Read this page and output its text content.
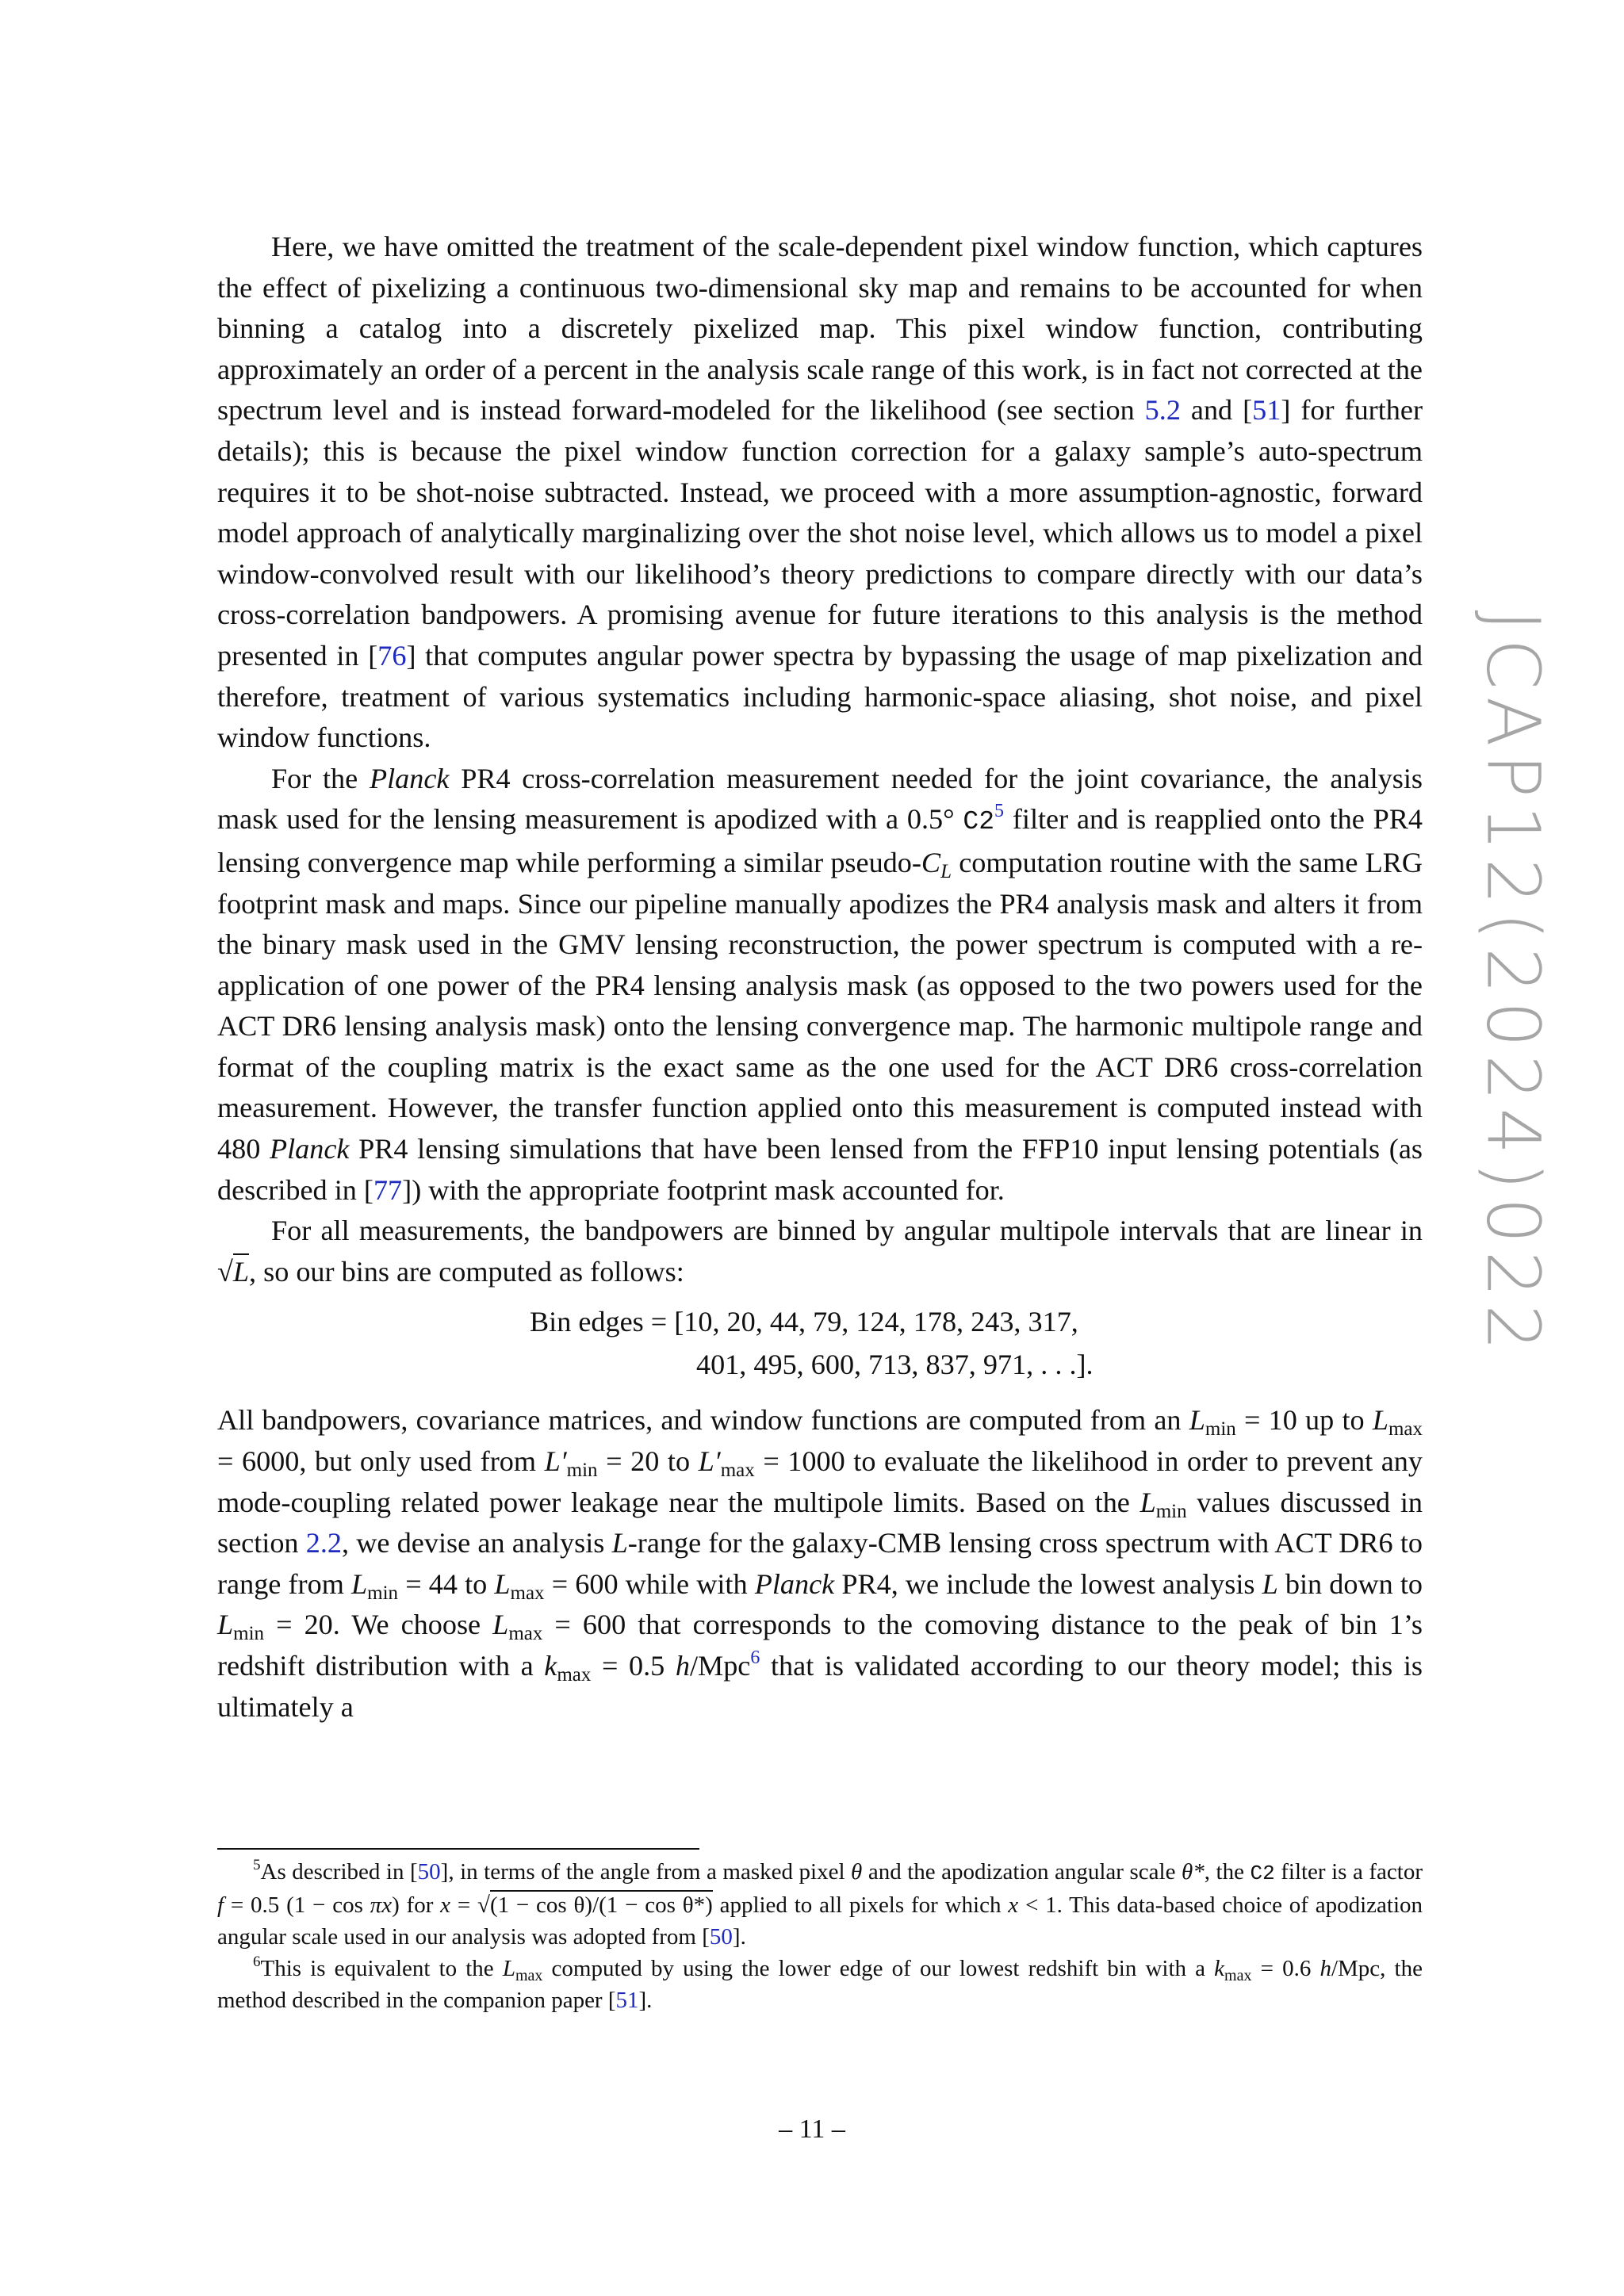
JCAP12(2024)022

Here, we have omitted the treatment of the scale-dependent pixel window function, which captures the effect of pixelizing a continuous two-dimensional sky map and remains to be accounted for when binning a catalog into a discretely pixelized map. This pixel window function, contributing approximately an order of a percent in the analysis scale range of this work, is in fact not corrected at the spectrum level and is instead forward-modeled for the likelihood (see section 5.2 and [51] for further details); this is because the pixel window function correction for a galaxy sample’s auto-spectrum requires it to be shot-noise subtracted. Instead, we proceed with a more assumption-agnostic, forward model approach of analytically marginalizing over the shot noise level, which allows us to model a pixel window-convolved result with our likelihood’s theory predictions to compare directly with our data’s cross-correlation bandpowers. A promising avenue for future iterations to this analysis is the method presented in [76] that computes angular power spectra by bypassing the usage of map pixelization and therefore, treatment of various systematics including harmonic-space aliasing, shot noise, and pixel window functions.

For the Planck PR4 cross-correlation measurement needed for the joint covariance, the analysis mask used for the lensing measurement is apodized with a 0.5° C2$^5$ filter and is reapplied onto the PR4 lensing convergence map while performing a similar pseudo-$C_L$ computation routine with the same LRG footprint mask and maps. Since our pipeline manually apodizes the PR4 analysis mask and alters it from the binary mask used in the GMV lensing reconstruction, the power spectrum is computed with a re-application of one power of the PR4 lensing analysis mask (as opposed to the two powers used for the ACT DR6 lensing analysis mask) onto the lensing convergence map. The harmonic multipole range and format of the coupling matrix is the exact same as the one used for the ACT DR6 cross-correlation measurement. However, the transfer function applied onto this measurement is computed instead with 480 Planck PR4 lensing simulations that have been lensed from the FFP10 input lensing potentials (as described in [77]) with the appropriate footprint mask accounted for.

For all measurements, the bandpowers are binned by angular multipole intervals that are linear in √L, so our bins are computed as follows:

Bin edges = [10, 20, 44, 79, 124, 178, 243, 317,
401, 495, 600, 713, 837, 971, . . .].

All bandpowers, covariance matrices, and window functions are computed from an $L_{min} = 10$ up to $L_{max} = 6000$, but only used from $L'_{min} = 20$ to $L'_{max} = 1000$ to evaluate the likelihood in order to prevent any mode-coupling related power leakage near the multipole limits. Based on the $L_{min}$ values discussed in section 2.2, we devise an analysis L-range for the galaxy-CMB lensing cross spectrum with ACT DR6 to range from $L_{min} = 44$ to $L_{max} = 600$ while with Planck PR4, we include the lowest analysis L bin down to $L_{min} = 20$. We choose $L_{max} = 600$ that corresponds to the comoving distance to the peak of bin 1’s redshift distribution with a $k_{max} = 0.5$ h/Mpc$^6$ that is validated according to our theory model; this is ultimately a

$^5$As described in [50], in terms of the angle from a masked pixel θ and the apodization angular scale θ*, the C2 filter is a factor f = 0.5 (1 − cos πx) for x = √(1 − cos θ)/(1 − cos θ*) applied to all pixels for which x < 1. This data-based choice of apodization angular scale used in our analysis was adopted from [50].

$^6$This is equivalent to the $L_{max}$ computed by using the lower edge of our lowest redshift bin with a $k_{max} = 0.6$ h/Mpc, the method described in the companion paper [51].

– 11 –
